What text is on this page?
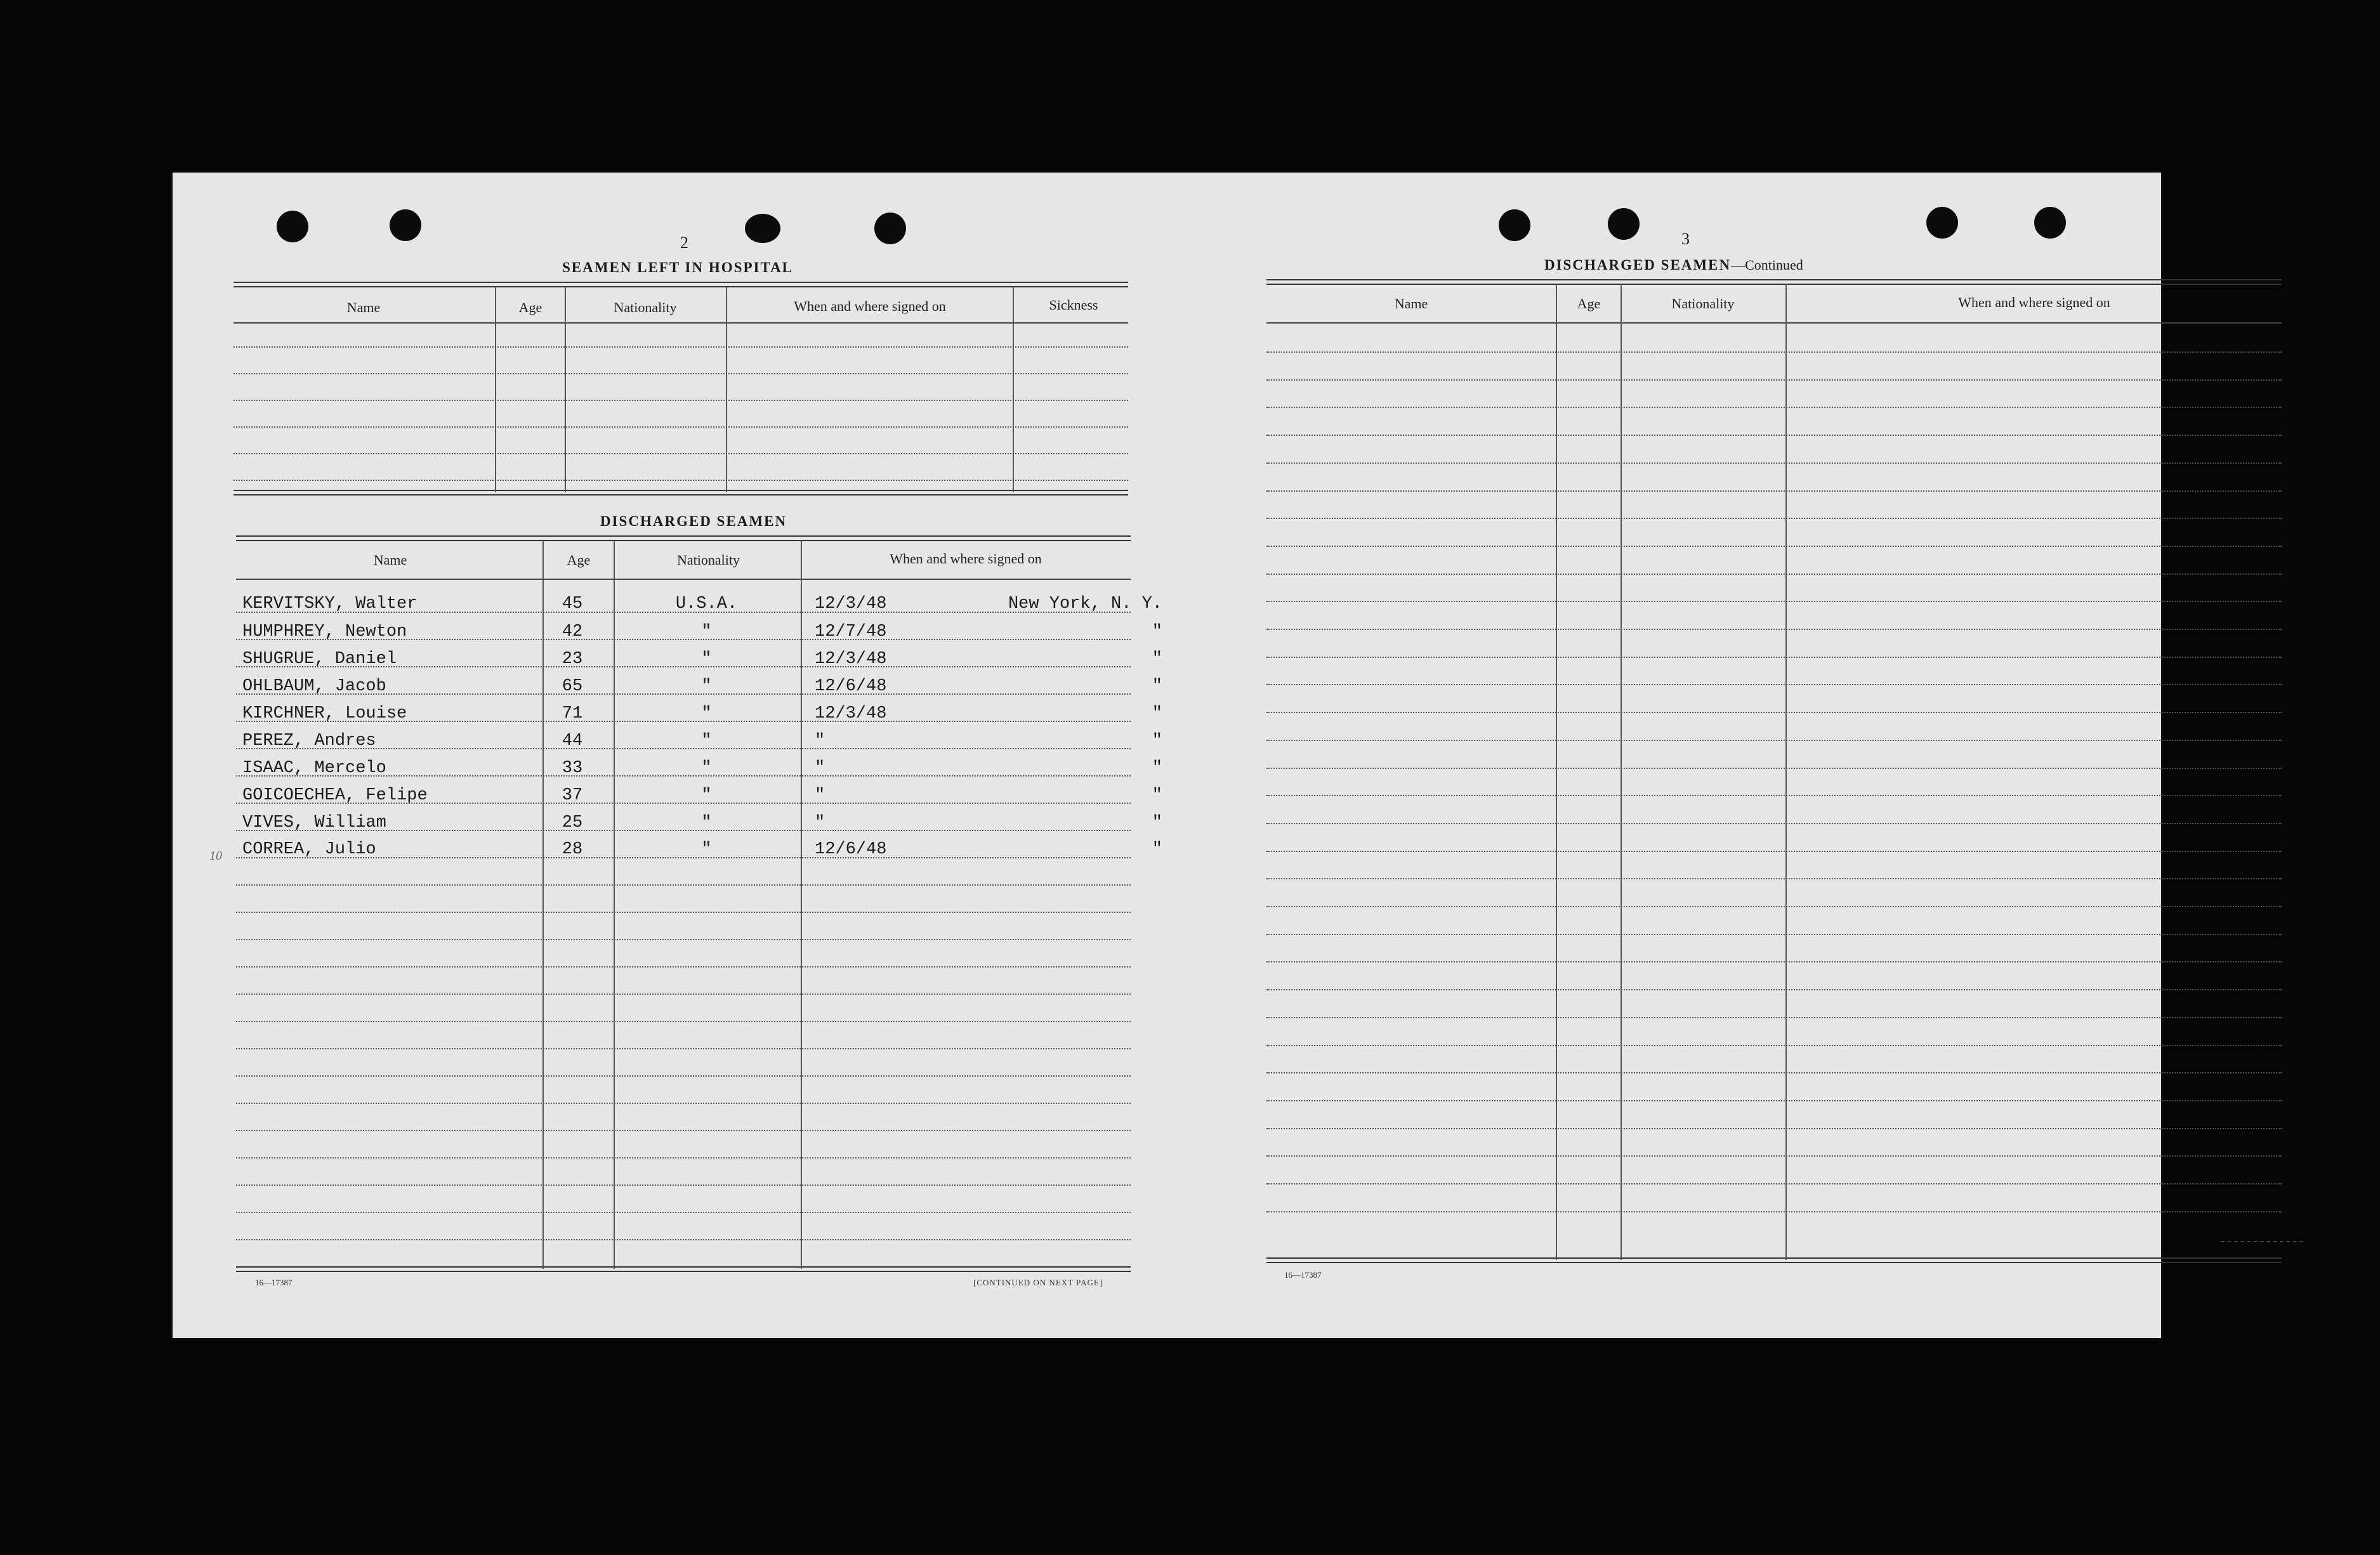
2
SEAMEN LEFT IN HOSPITAL
Name	Age	Nationality	When and where signed on	Sickness
DISCHARGED SEAMEN
Name	Age	Nationality	When and where signed on
KERVITSKY, Walter	45	U.S.A.	12/3/48	New York, N. Y.
HUMPHREY, Newton	42	"	12/7/48	"
SHUGRUE, Daniel	23	"	12/3/48	"
OHLBAUM, Jacob	65	"	12/6/48	"
KIRCHNER, Louise	71	"	12/3/48	"
PEREZ, Andres	44	"	"	"
ISAAC, Mercelo	33	"	"	"
GOICOECHEA, Felipe	37	"	"	"
VIVES, William	25	"	"	"
CORREA, Julio	28	"	12/6/48	"
10
16—17387	[CONTINUED ON NEXT PAGE]
3
DISCHARGED SEAMEN—Continued
Name	Age	Nationality	When and where signed on
16—17387
